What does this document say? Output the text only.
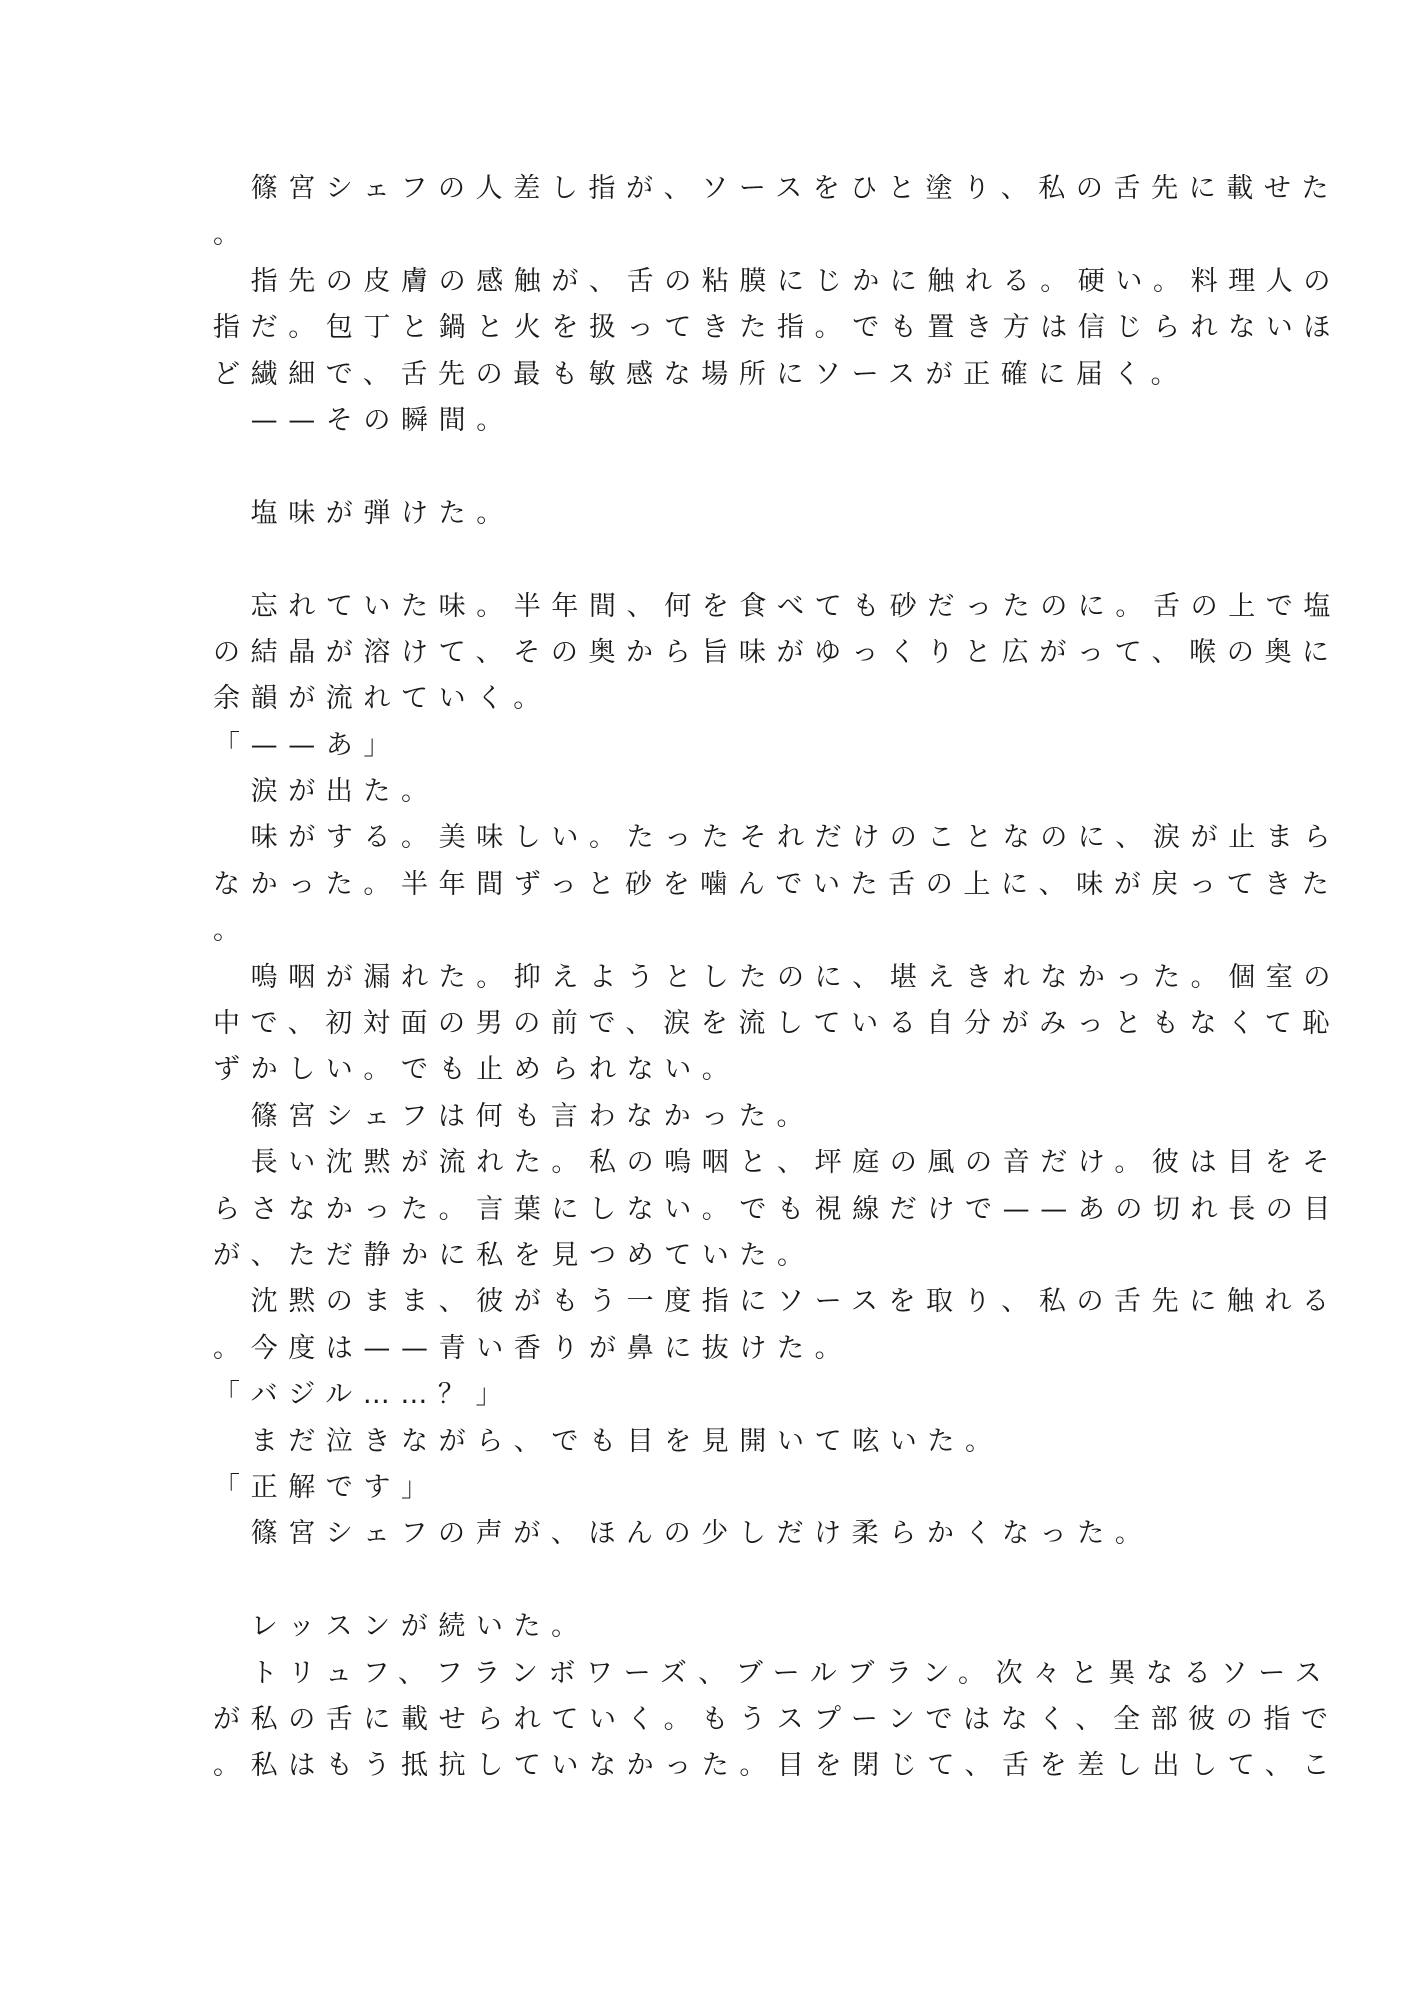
　篠宮シェフの人差し指が、ソースをひと塗り、私の舌先に載せた
。
　指先の皮膚の感触が、舌の粘膜にじかに触れる。硬い。料理人の
指だ。包丁と鍋と火を扱ってきた指。でも置き方は信じられないほ
ど繊細で、舌先の最も敏感な場所にソースが正確に届く。
　——その瞬間。
　塩味が弾けた。
　忘れていた味。半年間、何を食べても砂だったのに。舌の上で塩
の結晶が溶けて、その奥から旨味がゆっくりと広がって、喉の奥に
余韻が流れていく。
「——あ」
　涙が出た。
　味がする。美味しい。たったそれだけのことなのに、涙が止まら
なかった。半年間ずっと砂を噛んでいた舌の上に、味が戻ってきた
。
　嗚咽が漏れた。抑えようとしたのに、堪えきれなかった。個室の
中で、初対面の男の前で、涙を流している自分がみっともなくて恥
ずかしい。でも止められない。
　篠宮シェフは何も言わなかった。
　長い沈黙が流れた。私の嗚咽と、坪庭の風の音だけ。彼は目をそ
らさなかった。言葉にしない。でも視線だけで——あの切れ長の目
が、ただ静かに私を見つめていた。
　沈黙のまま、彼がもう一度指にソースを取り、私の舌先に触れる
。今度は——青い香りが鼻に抜けた。
「バジル……？」
　まだ泣きながら、でも目を見開いて呟いた。
「正解です」
　篠宮シェフの声が、ほんの少しだけ柔らかくなった。
　レッスンが続いた。
　トリュフ、フランボワーズ、ブールブラン。次々と異なるソース
が私の舌に載せられていく。もうスプーンではなく、全部彼の指で
。私はもう抵抗していなかった。目を閉じて、舌を差し出して、こ
